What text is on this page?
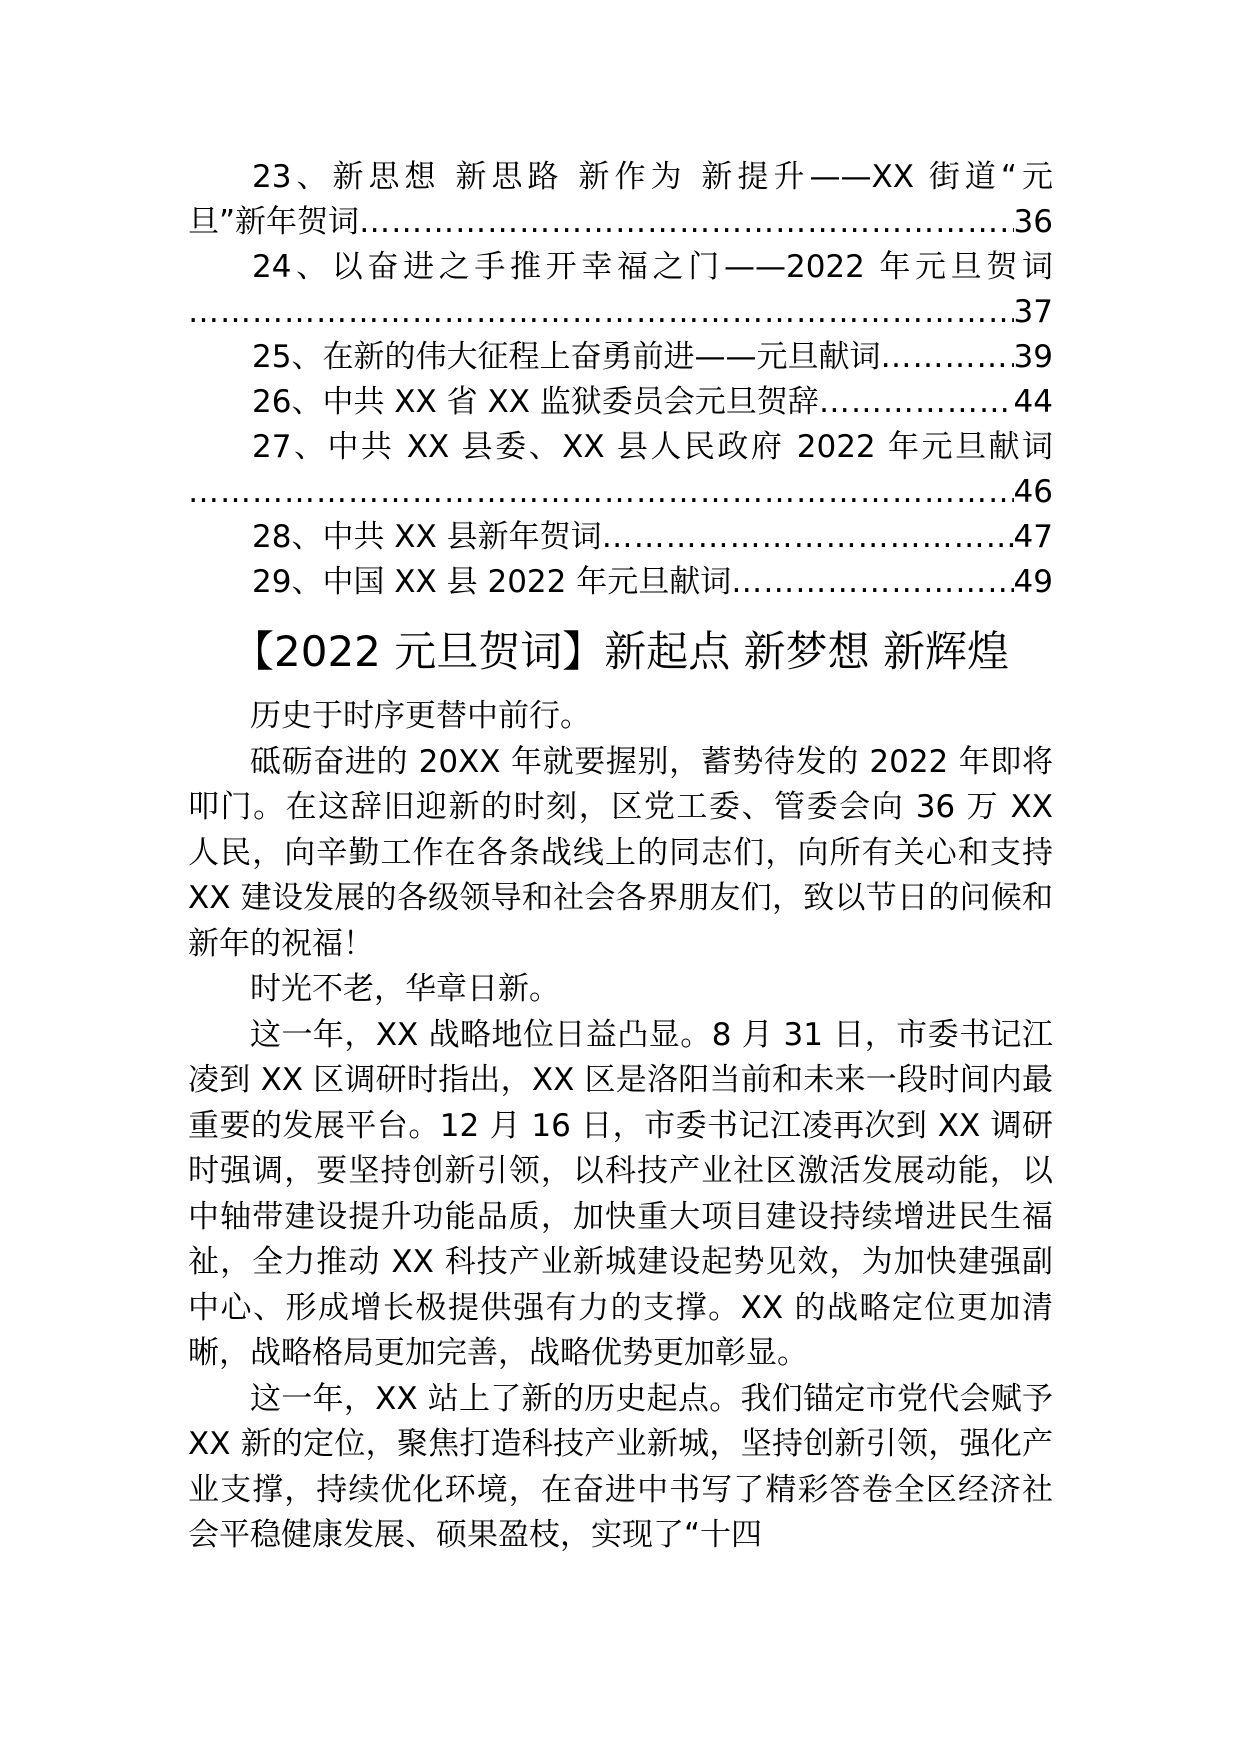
23、新思想 新思路 新作为 新提升——XX 街道“元
旦”新年贺词 ……………………………………………………………………………………………………………………………………………………………………	36
24、以奋进之手推开幸福之门——2022 年元旦贺词
……………………………………………………………………………………………………………………………………………………………………
37
25、在新的伟大征程上奋勇前进——元旦献词 ……………………………………………………………………………………………………………………………………………………………………	39
26、中共 XX 省 XX 监狱委员会元旦贺辞 ……………………………………………………………………………………………………………………………………………………………………	44
27、中共 XX 县委、XX 县人民政府 2022 年元旦献词
……………………………………………………………………………………………………………………………………………………………………
46
28、中共 XX 县新年贺词 ……………………………………………………………………………………………………………………………………………………………………	47
29、中国 XX 县 2022 年元旦献词 ……………………………………………………………………………………………………………………………………………………………………	49
【2022 元旦贺词】新起点 新梦想 新辉煌

历史于时序更替中前行。

砥砺奋进的 20XX 年就要握别，蓄势待发的 2022 年即将叩门。在这辞旧迎新的时刻，区党工委、管委会向 36 万 XX 人民，向辛勤工作在各条战线上的同志们，向所有关心和支持 XX 建设发展的各级领导和社会各界朋友们，致以节日的问候和新年的祝福！

时光不老，华章日新。

这一年，XX 战略地位日益凸显。8 月 31 日，市委书记江凌到 XX 区调研时指出，XX 区是洛阳当前和未来一段时间内最重要的发展平台。12 月 16 日，市委书记江凌再次到 XX 调研时强调，要坚持创新引领，以科技产业社区激活发展动能，以中轴带建设提升功能品质，加快重大项目建设持续增进民生福祉，全力推动 XX 科技产业新城建设起势见效，为加快建强副中心、形成增长极提供强有力的支撑。XX 的战略定位更加清晰，战略格局更加完善，战略优势更加彰显。

这一年，XX 站上了新的历史起点。我们锚定市党代会赋予 XX 新的定位，聚焦打造科技产业新城，坚持创新引领，强化产业支撑，持续优化环境，在奋进中书写了精彩答卷全区经济社会平稳健康发展、硕果盈枝，实现了“十四
